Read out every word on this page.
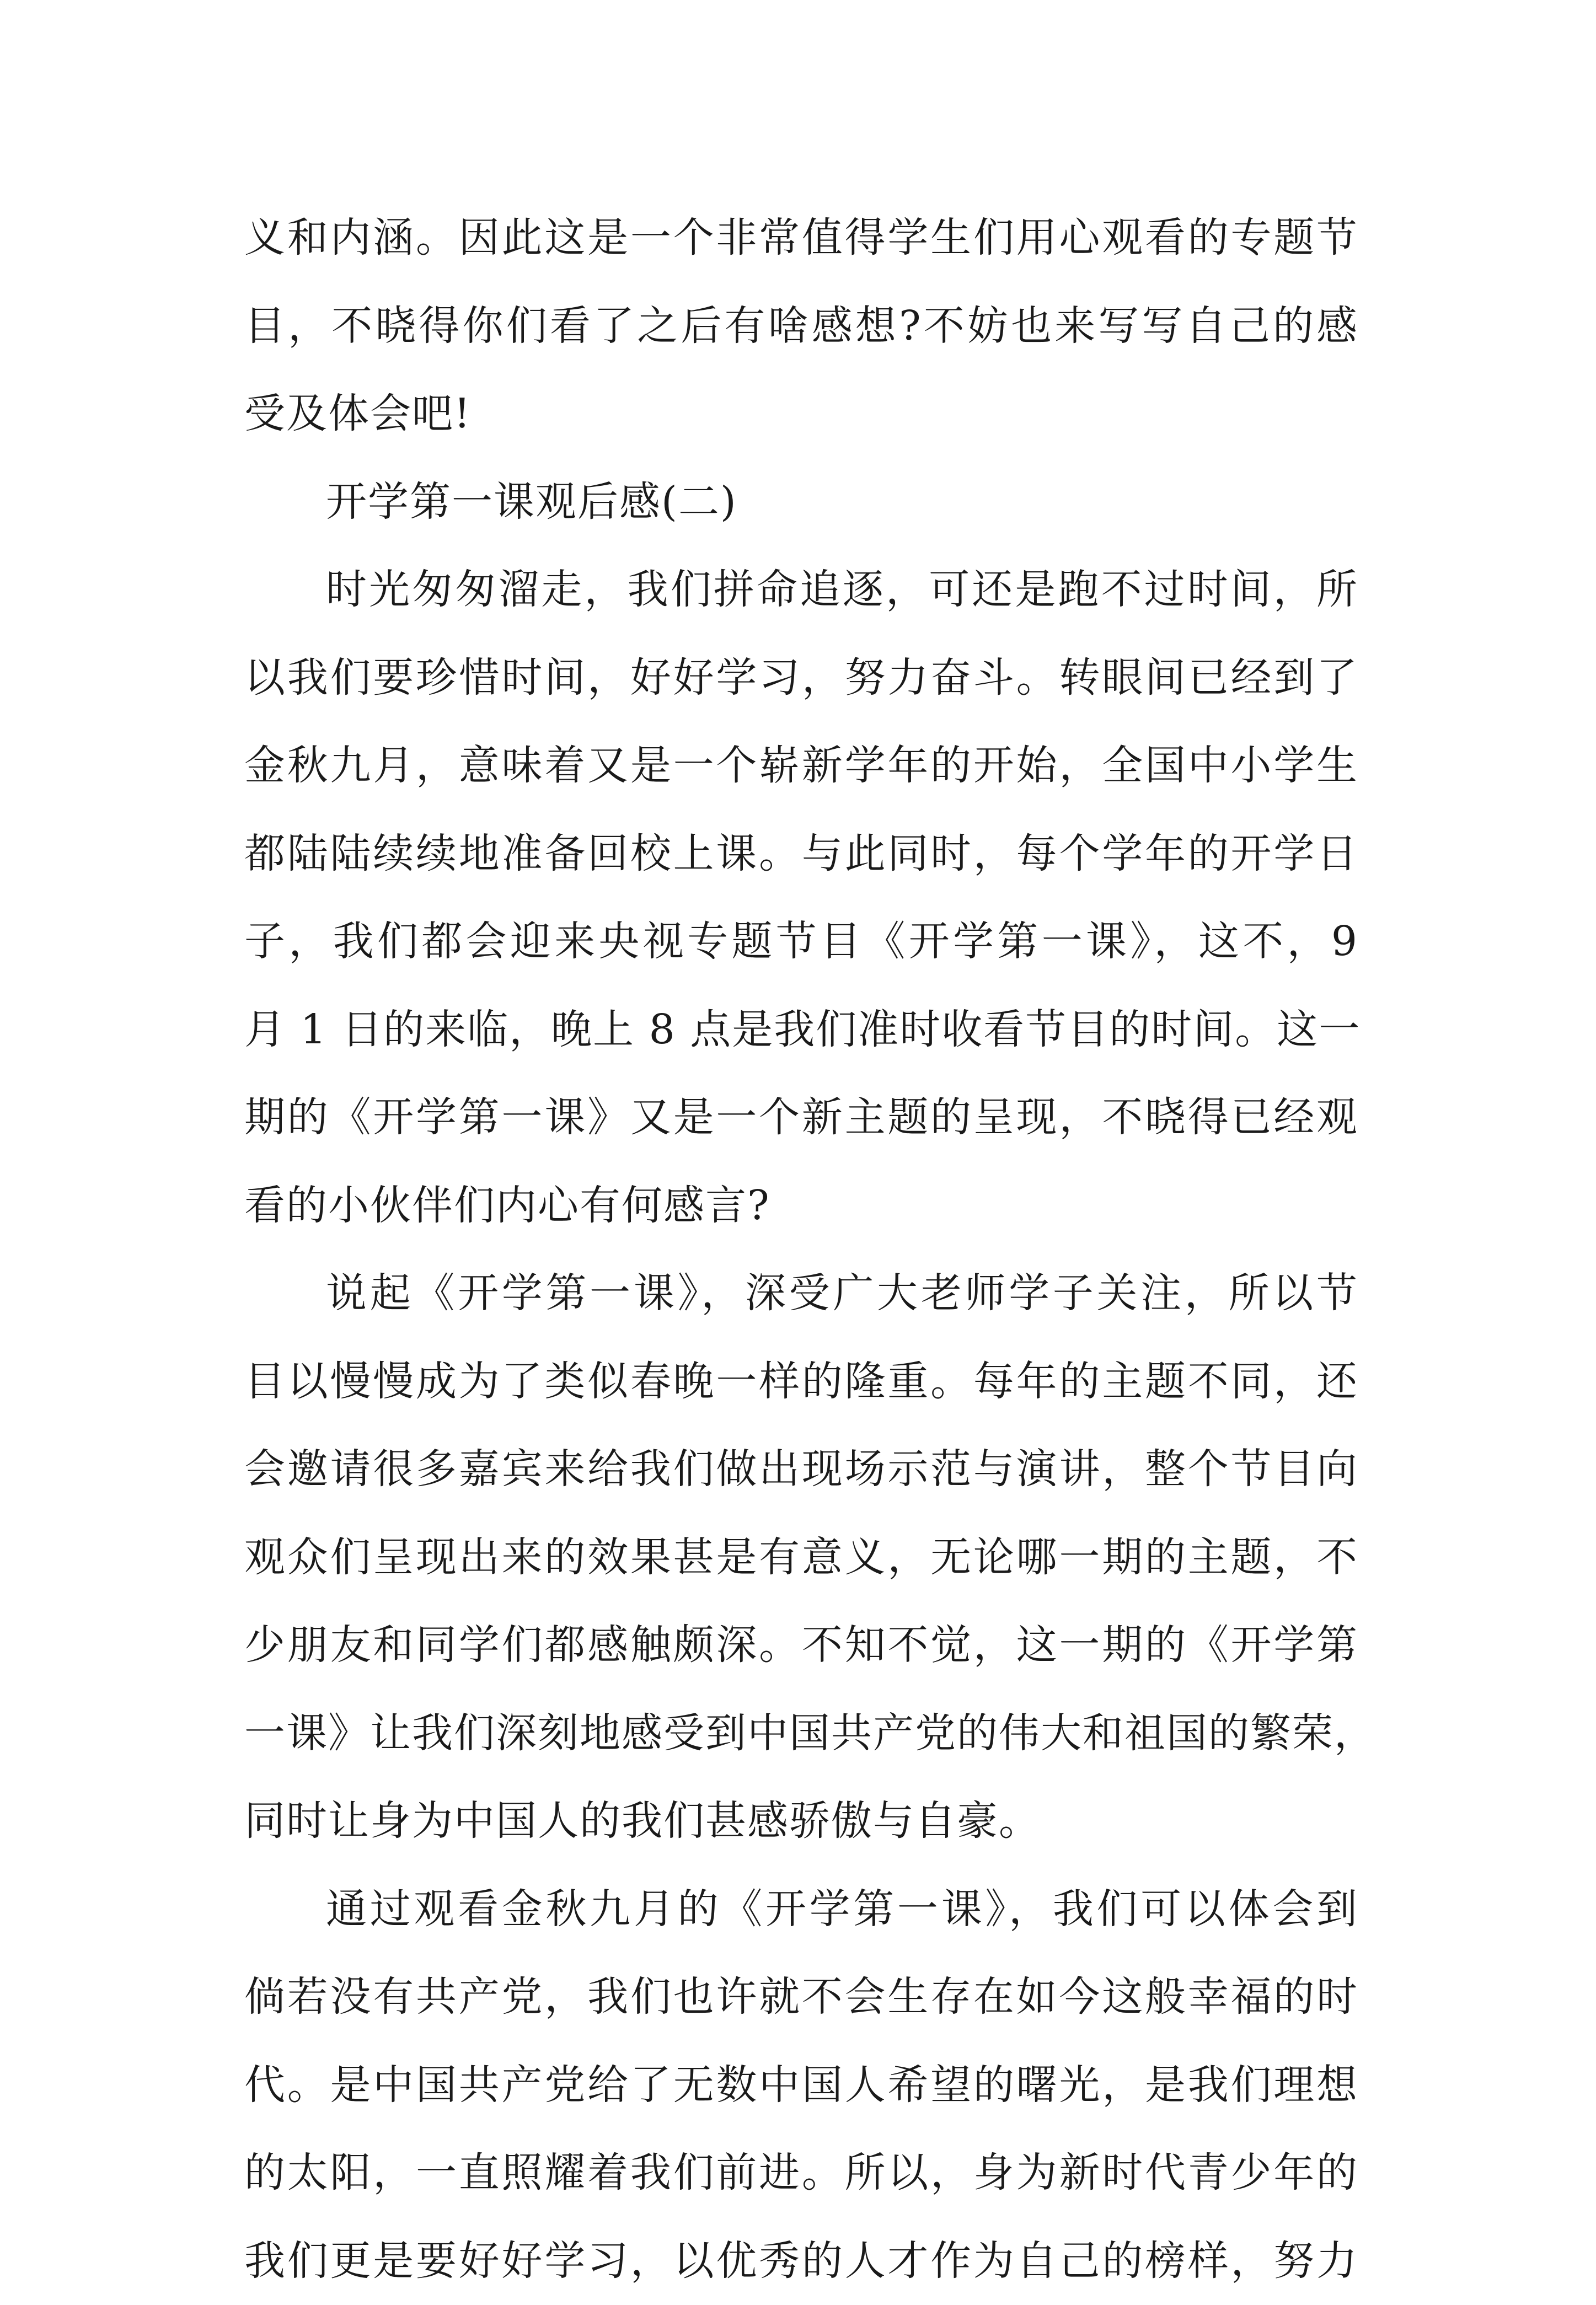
义和内涵。因此这是一个非常值得学生们用心观看的专题节
目，不晓得你们看了之后有啥感想?不妨也来写写自己的感
受及体会吧!
开学第一课观后感(二)
时光匆匆溜走，我们拼命追逐，可还是跑不过时间，所
以我们要珍惜时间，好好学习，努力奋斗。转眼间已经到了
金秋九月，意味着又是一个崭新学年的开始，全国中小学生
都陆陆续续地准备回校上课。与此同时，每个学年的开学日
子，我们都会迎来央视专题节目《开学第一课》，这不，9
月 1 日的来临，晚上 8 点是我们准时收看节目的时间。这一
期的《开学第一课》又是一个新主题的呈现，不晓得已经观
看的小伙伴们内心有何感言?
说起《开学第一课》，深受广大老师学子关注，所以节
目以慢慢成为了类似春晚一样的隆重。每年的主题不同，还
会邀请很多嘉宾来给我们做出现场示范与演讲，整个节目向
观众们呈现出来的效果甚是有意义，无论哪一期的主题，不
少朋友和同学们都感触颇深。不知不觉，这一期的《开学第
一课》让我们深刻地感受到中国共产党的伟大和祖国的繁荣，
同时让身为中国人的我们甚感骄傲与自豪。
通过观看金秋九月的《开学第一课》，我们可以体会到
倘若没有共产党，我们也许就不会生存在如今这般幸福的时
代。是中国共产党给了无数中国人希望的曙光，是我们理想
的太阳，一直照耀着我们前进。所以，身为新时代青少年的
我们更是要好好学习，以优秀的人才作为自己的榜样，努力
